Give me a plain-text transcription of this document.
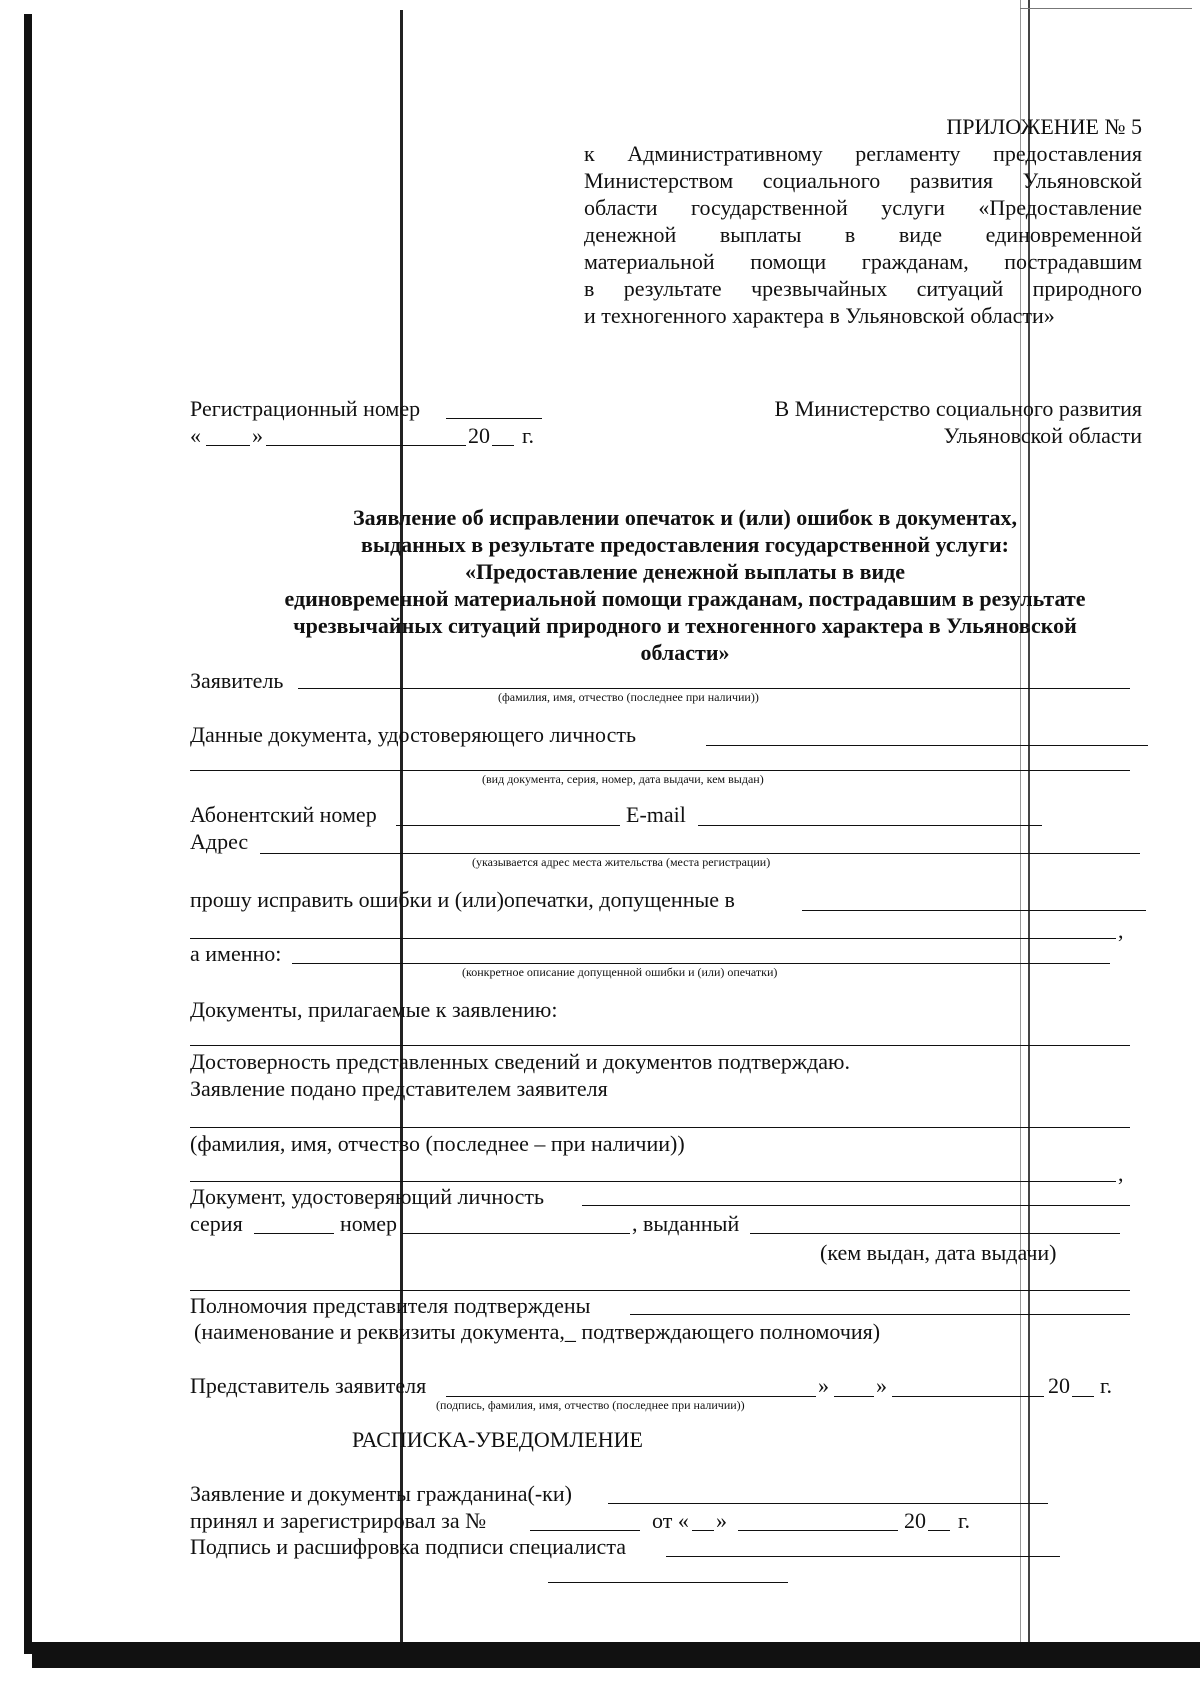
ПРИЛОЖЕНИЕ № 5
к Административному регламенту предоставления
Министерством социального развития Ульяновской
области государственной услуги «Предоставление
денежной выплаты в виде единовременной
материальной помощи гражданам, пострадавшим
в результате чрезвычайных ситуаций природного
и техногенного характера в Ульяновской области»
Регистрационный номер
« »	20 г.
В Министерство социального развития
Ульяновской области
Заявление об исправлении опечаток и (или) ошибок в документах,
выданных в результате предоставления государственной услуги:
«Предоставление денежной выплаты в виде
единовременной материальной помощи гражданам, пострадавшим в результате
чрезвычайных ситуаций природного и техногенного характера в Ульяновской
области»
Заявитель
(фамилия, имя, отчество (последнее при наличии))
Данные документа, удостоверяющего личность
(вид документа, серия, номер, дата выдачи, кем выдан)
Абонентский номер	E-mail
Адрес
(указывается адрес места жительства (места регистрации)
прошу исправить ошибки и (или)опечатки, допущенные в
,
а именно:
(конкретное описание допущенной ошибки и (или) опечатки)
Документы, прилагаемые к заявлению:
Достоверность представленных сведений и документов подтверждаю.
Заявление подано представителем заявителя
(фамилия, имя, отчество (последнее – при наличии))
,
Документ, удостоверяющий личность
серия	номер	, выданный
(кем выдан, дата выдачи)
Полномочия представителя подтверждены
(наименование и реквизиты документа,_ подтверждающего полномочия)
Представитель заявителя	» »	20 г.
(подпись, фамилия, имя, отчество (последнее при наличии))
РАСПИСКА-УВЕДОМЛЕНИЕ
Заявление и документы гражданина(-ки)
принял и зарегистрировал за №	от « »	20 г.
Подпись и расшифровка подписи специалиста
